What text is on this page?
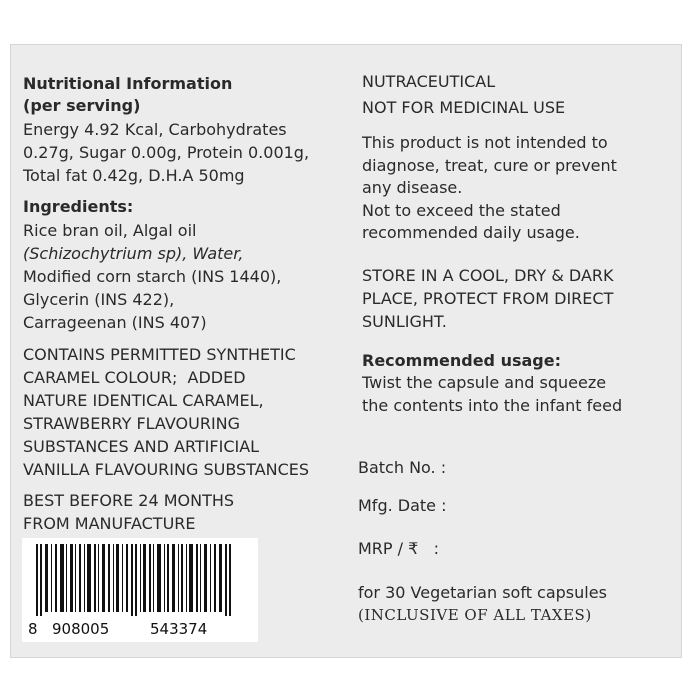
Nutritional Information
(per serving)
Energy 4.92 Kcal, Carbohydrates
0.27g, Sugar 0.00g, Protein 0.001g,
Total fat 0.42g, D.H.A 50mg
Ingredients:
Rice bran oil, Algal oil
(Schizochytrium sp), Water,
Modified corn starch (INS 1440),
Glycerin (INS 422),
Carrageenan (INS 407)
CONTAINS PERMITTED SYNTHETIC
CARAMEL COLOUR;  ADDED
NATURE IDENTICAL CARAMEL,
STRAWBERRY FLAVOURING
SUBSTANCES AND ARTIFICIAL
VANILLA FLAVOURING SUBSTANCES
BEST BEFORE 24 MONTHS
FROM MANUFACTURE
8 908005	543374
NUTRACEUTICAL
NOT FOR MEDICINAL USE
This product is not intended to
diagnose, treat, cure or prevent
any disease.
Not to exceed the stated
recommended daily usage.
STORE IN A COOL, DRY & DARK
PLACE, PROTECT FROM DIRECT
SUNLIGHT.
Recommended usage:
Twist the capsule and squeeze
the contents into the infant feed
Batch No. :
Mfg. Date :
MRP / ₹   :
for 30 Vegetarian soft capsules
(INCLUSIVE OF ALL TAXES)
